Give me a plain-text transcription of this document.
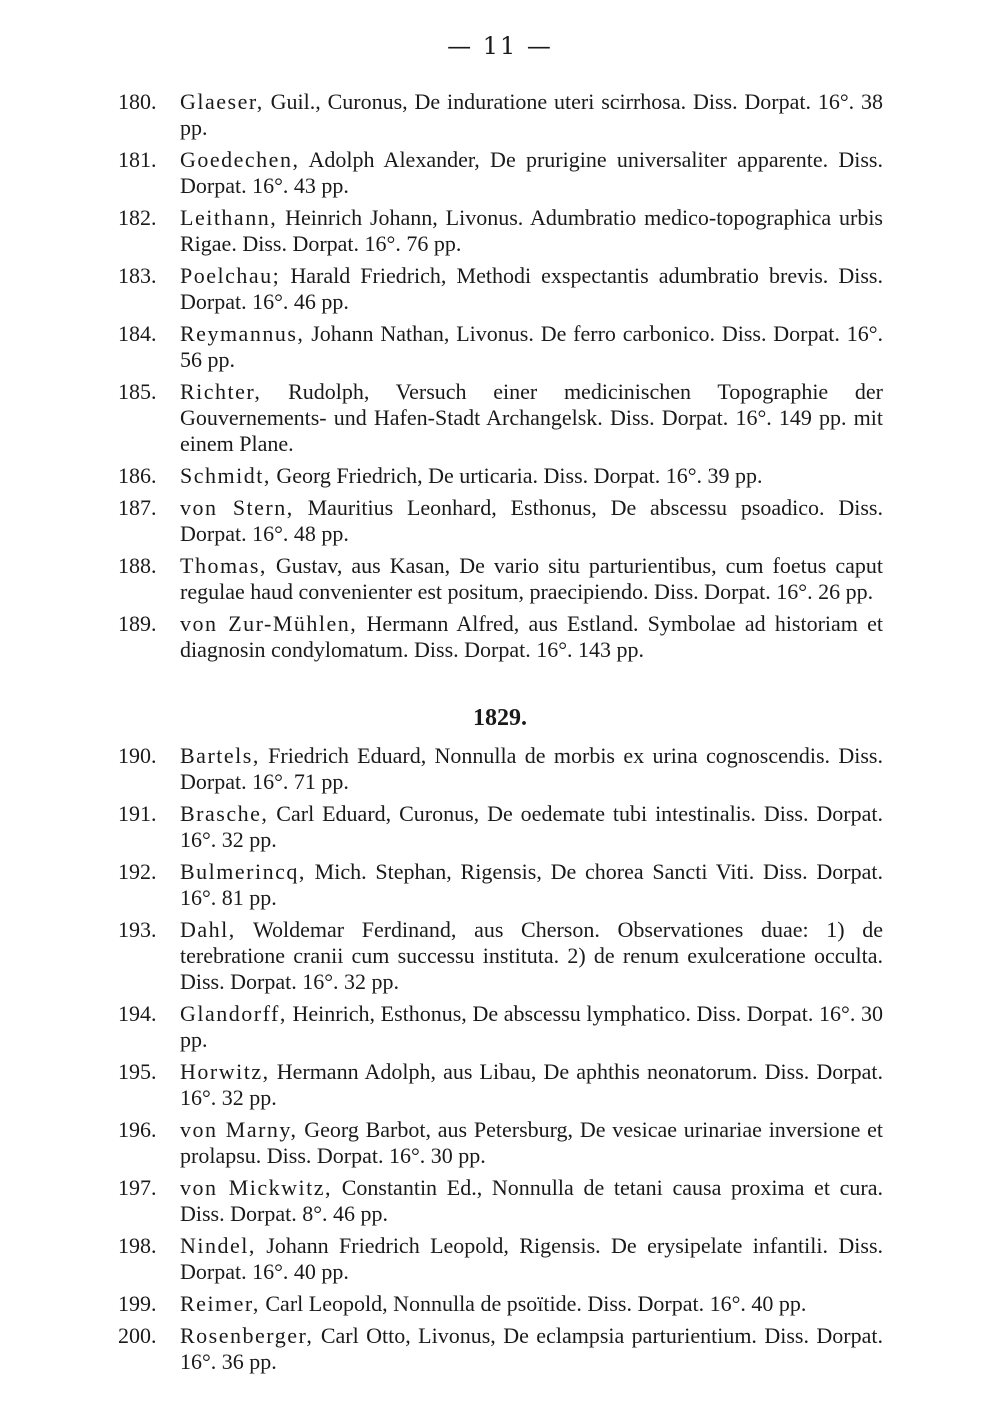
— 11 —
180.	Glaeser, Guil., Curonus, De induratione uteri scirrhosa. Diss. Dorpat. 16°. 38 pp.
181.	Goedechen, Adolph Alexander, De prurigine universaliter apparente. Diss. Dorpat. 16°. 43 pp.
182.	Leithann, Heinrich Johann, Livonus. Adumbratio medico-topographica urbis Rigae. Diss. Dorpat. 16°. 76 pp.
183.	Poelchau; Harald Friedrich, Methodi exspectantis adumbratio brevis. Diss. Dorpat. 16°. 46 pp.
184.	Reymannus, Johann Nathan, Livonus. De ferro carbonico. Diss. Dorpat. 16°. 56 pp.
185.	Richter, Rudolph, Versuch einer medicinischen Topographie der Gouvernements- und Hafen-Stadt Archangelsk. Diss. Dorpat. 16°. 149 pp. mit einem Plane.
186.	Schmidt, Georg Friedrich, De urticaria. Diss. Dorpat. 16°. 39 pp.
187.	von Stern, Mauritius Leonhard, Esthonus, De abscessu psoadico. Diss. Dorpat. 16°. 48 pp.
188.	Thomas, Gustav, aus Kasan, De vario situ parturientibus, cum foetus caput regulae haud convenienter est positum, praecipiendo. Diss. Dorpat. 16°. 26 pp.
189.	von Zur-Mühlen, Hermann Alfred, aus Estland. Symbolae ad historiam et diagnosin condylomatum. Diss. Dorpat. 16°. 143 pp.
1829.
190.	Bartels, Friedrich Eduard, Nonnulla de morbis ex urina cognoscendis. Diss. Dorpat. 16°. 71 pp.
191.	Brasche, Carl Eduard, Curonus, De oedemate tubi intestinalis. Diss. Dorpat. 16°. 32 pp.
192.	Bulmerincq, Mich. Stephan, Rigensis, De chorea Sancti Viti. Diss. Dorpat. 16°. 81 pp.
193.	Dahl, Woldemar Ferdinand, aus Cherson. Observationes duae: 1) de terebratione cranii cum successu instituta. 2) de renum exulceratione occulta. Diss. Dorpat. 16°. 32 pp.
194.	Glandorff, Heinrich, Esthonus, De abscessu lymphatico. Diss. Dorpat. 16°. 30 pp.
195.	Horwitz, Hermann Adolph, aus Libau, De aphthis neonatorum. Diss. Dorpat. 16°. 32 pp.
196.	von Marny, Georg Barbot, aus Petersburg, De vesicae urinariae inversione et prolapsu. Diss. Dorpat. 16°. 30 pp.
197.	von Mickwitz, Constantin Ed., Nonnulla de tetani causa proxima et cura. Diss. Dorpat. 8°. 46 pp.
198.	Nindel, Johann Friedrich Leopold, Rigensis. De erysipelate infantili. Diss. Dorpat. 16°. 40 pp.
199.	Reimer, Carl Leopold, Nonnulla de psoïtide. Diss. Dorpat. 16°. 40 pp.
200.	Rosenberger, Carl Otto, Livonus, De eclampsia parturientium. Diss. Dorpat. 16°. 36 pp.
